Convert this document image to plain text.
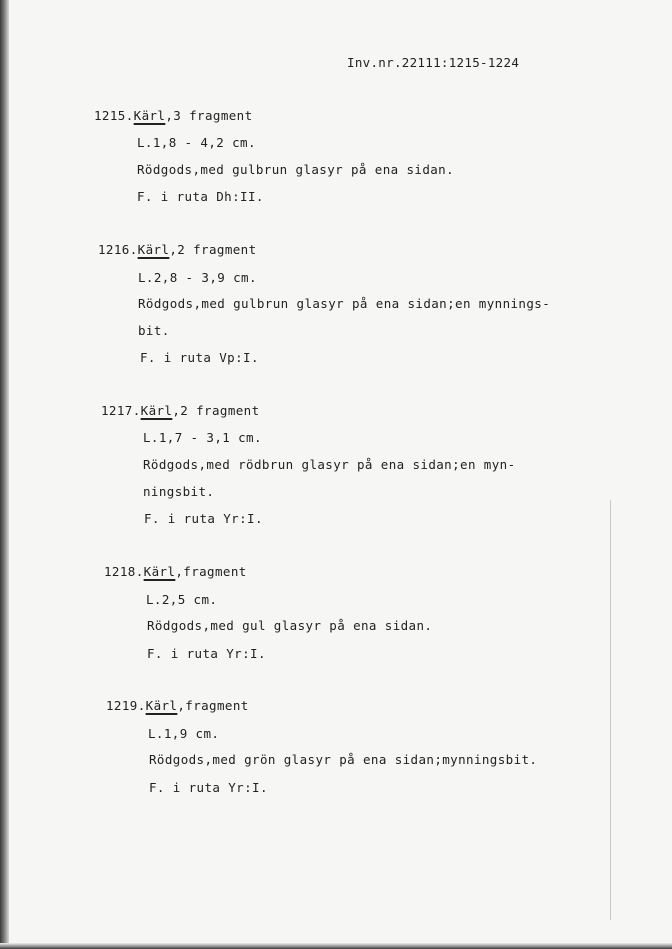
Inv.nr.22111:1215-1224
1215.Kärl,3 fragment
L.1,8 - 4,2 cm.
Rödgods,med gulbrun glasyr på ena sidan.
F. i ruta Dh:II.
1216.Kärl,2 fragment
L.2,8 - 3,9 cm.
Rödgods,med gulbrun glasyr på ena sidan;en mynnings-
bit.
F. i ruta Vp:I.
1217.Kärl,2 fragment
L.1,7 - 3,1 cm.
Rödgods,med rödbrun glasyr på ena sidan;en myn-
ningsbit.
F. i ruta Yr:I.
1218.Kärl,fragment
L.2,5 cm.
Rödgods,med gul glasyr på ena sidan.
F. i ruta Yr:I.
1219.Kärl,fragment
L.1,9 cm.
Rödgods,med grön glasyr på ena sidan;mynningsbit.
F. i ruta Yr:I.
